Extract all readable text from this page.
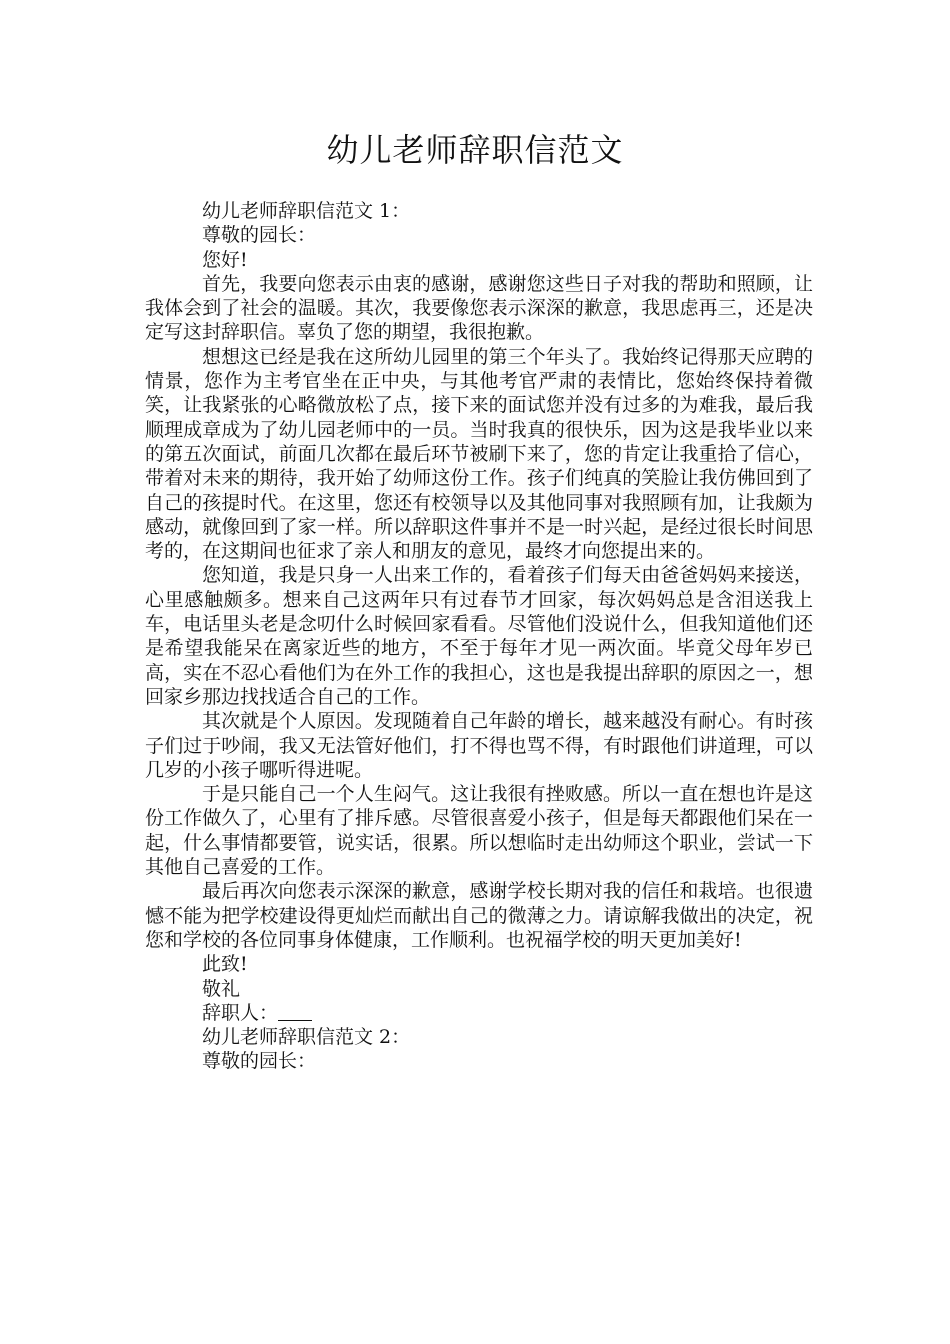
幼儿老师辞职信范文

幼儿老师辞职信范文 1：

尊敬的园长：

您好!

首先，我要向您表示由衷的感谢，感谢您这些日子对我的帮助和照顾，让我体会到了社会的温暖。其次，我要像您表示深深的歉意，我思虑再三，还是决定写这封辞职信。辜负了您的期望，我很抱歉。

想想这已经是我在这所幼儿园里的第三个年头了。我始终记得那天应聘的情景，您作为主考官坐在正中央，与其他考官严肃的表情比，您始终保持着微笑，让我紧张的心略微放松了点，接下来的面试您并没有过多的为难我，最后我顺理成章成为了幼儿园老师中的一员。当时我真的很快乐，因为这是我毕业以来的第五次面试，前面几次都在最后环节被刷下来了，您的肯定让我重拾了信心，带着对未来的期待，我开始了幼师这份工作。孩子们纯真的笑脸让我仿佛回到了自己的孩提时代。在这里，您还有校领导以及其他同事对我照顾有加，让我颇为感动，就像回到了家一样。所以辞职这件事并不是一时兴起，是经过很长时间思考的，在这期间也征求了亲人和朋友的意见，最终才向您提出来的。

您知道，我是只身一人出来工作的，看着孩子们每天由爸爸妈妈来接送，心里感触颇多。想来自己这两年只有过春节才回家，每次妈妈总是含泪送我上车，电话里头老是念叨什么时候回家看看。尽管他们没说什么，但我知道他们还是希望我能呆在离家近些的地方，不至于每年才见一两次面。毕竟父母年岁已高，实在不忍心看他们为在外工作的我担心，这也是我提出辞职的原因之一，想回家乡那边找找适合自己的工作。

其次就是个人原因。发现随着自己年龄的增长，越来越没有耐心。有时孩子们过于吵闹，我又无法管好他们，打不得也骂不得，有时跟他们讲道理，可以几岁的小孩子哪听得进呢。

于是只能自己一个人生闷气。这让我很有挫败感。所以一直在想也许是这份工作做久了，心里有了排斥感。尽管很喜爱小孩子，但是每天都跟他们呆在一起，什么事情都要管，说实话，很累。所以想临时走出幼师这个职业，尝试一下其他自己喜爱的工作。

最后再次向您表示深深的歉意，感谢学校长期对我的信任和栽培。也很遗憾不能为把学校建设得更灿烂而献出自己的微薄之力。请谅解我做出的决定，祝您和学校的各位同事身体健康，工作顺利。也祝福学校的明天更加美好!

此致!

敬礼

辞职人：

幼儿老师辞职信范文 2：

尊敬的园长：
